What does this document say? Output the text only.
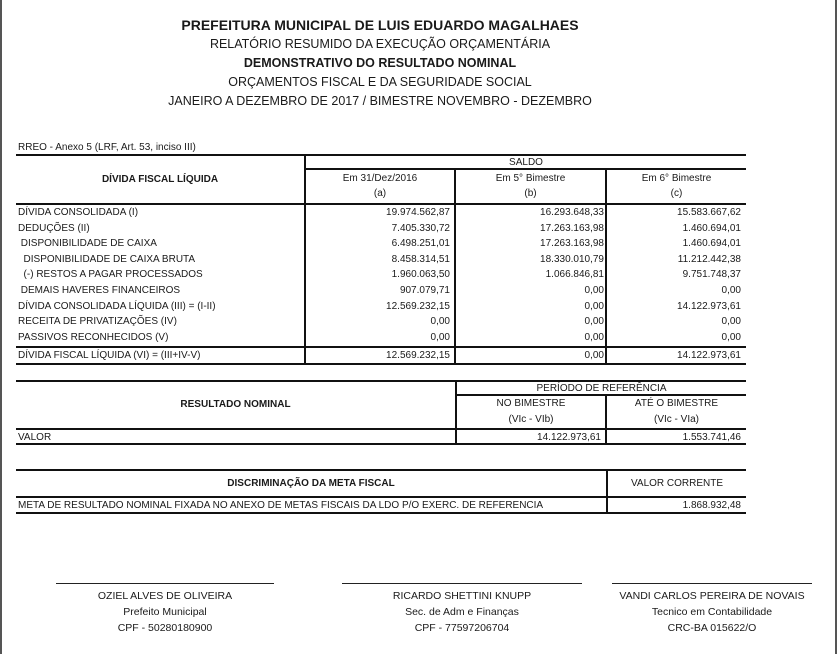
PREFEITURA MUNICIPAL DE LUIS EDUARDO MAGALHAES
RELATÓRIO RESUMIDO DA EXECUÇÃO ORÇAMENTÁRIA
DEMONSTRATIVO DO RESULTADO NOMINAL
ORÇAMENTOS FISCAL E DA SEGURIDADE SOCIAL
JANEIRO A DEZEMBRO DE 2017 / BIMESTRE NOVEMBRO - DEZEMBRO
RREO - Anexo 5 (LRF, Art. 53, inciso III)
DÍVIDA FISCAL LÍQUIDA
SALDO
Em 31/Dez/2016
(a)
Em 5° Bimestre
(b)
Em 6° Bimestre
(c)
DÍVIDA CONSOLIDADA (I)	19.974.562,87	16.293.648,33	15.583.667,62
DEDUÇÕES (II)	7.405.330,72	17.263.163,98	1.460.694,01
DISPONIBILIDADE DE CAIXA	6.498.251,01	17.263.163,98	1.460.694,01
DISPONIBILIDADE DE CAIXA BRUTA	8.458.314,51	18.330.010,79	11.212.442,38
(-) RESTOS A PAGAR PROCESSADOS	1.960.063,50	1.066.846,81	9.751.748,37
DEMAIS HAVERES FINANCEIROS	907.079,71	0,00	0,00
DÍVIDA CONSOLIDADA LÍQUIDA (III) = (I-II)	12.569.232,15	0,00	14.122.973,61
RECEITA DE PRIVATIZAÇÕES (IV)	0,00	0,00	0,00
PASSIVOS RECONHECIDOS (V)	0,00	0,00	0,00
DÍVIDA FISCAL LÍQUIDA (VI) = (III+IV-V)	12.569.232,15	0,00	14.122.973,61
RESULTADO NOMINAL
PERÍODO DE REFERÊNCIA
NO BIMESTRE
(VIc - VIb)
ATÉ O BIMESTRE
(VIc - VIa)
VALOR	14.122.973,61	1.553.741,46
DISCRIMINAÇÃO DA META FISCAL	VALOR CORRENTE
META DE RESULTADO NOMINAL FIXADA NO ANEXO DE METAS FISCAIS DA LDO P/O EXERC. DE REFERENCIA	1.868.932,48
OZIEL ALVES DE OLIVEIRA
Prefeito Municipal
CPF - 50280180900
RICARDO SHETTINI KNUPP
Sec. de Adm e Finanças
CPF - 77597206704
VANDI CARLOS PEREIRA DE NOVAIS
Tecnico em Contabilidade
CRC-BA 015622/O
